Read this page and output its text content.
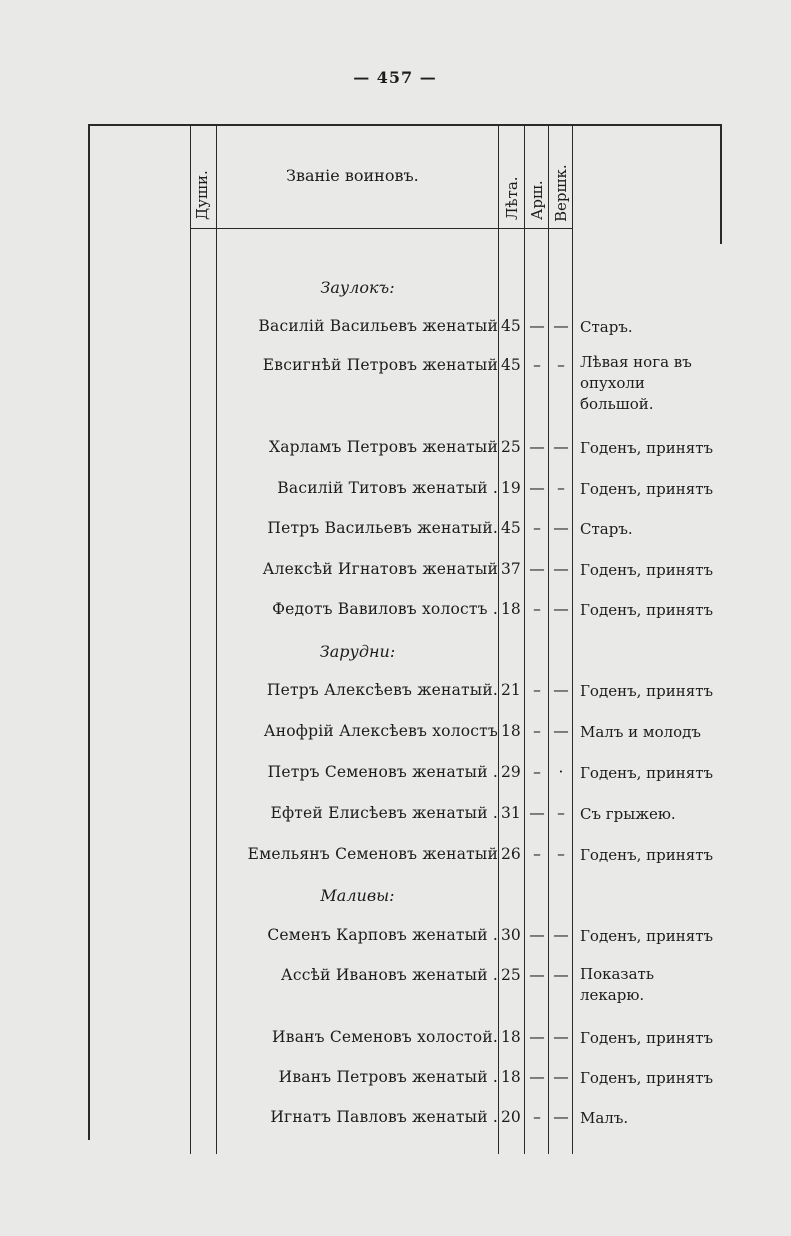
— 457 —
Души.	Званіе воиновъ.
Лѣта. Арш. Вершк.
Заулокъ:
Василій Васильевъ женатый 45 — — Старъ.
Евсигнѣй Петровъ женатый 45 –	–	Лѣвая нога въ опухоли большой.
Харламъ Петровъ женатый 25 — — Годенъ, принятъ
Василій Титовъ женатый . 19 — –	Годенъ, принятъ
Петръ Васильевъ женатый. 45 – — Старъ.
Алексѣй Игнатовъ женатый 37 — — Годенъ, принятъ
Федотъ Вавиловъ холостъ . 18 – — Годенъ, принятъ
Зарудни:
Петръ Алексѣевъ женатый. 21 – — Годенъ, принятъ
Анофрій Алексѣевъ холостъ 18 – — Малъ и молодъ
Петръ Семеновъ женатый . 29 –	·	Годенъ, принятъ
Ефтей Елисѣевъ женатый . 31 — –	Съ грыжею.
Емельянъ Семеновъ женатый 26 –	–	Годенъ, принятъ
Маливы:
Семенъ Карповъ женатый . 30 — — Годенъ, принятъ
Ассѣй Ивановъ женатый . 25 — — Показать лекарю.
Иванъ Семеновъ холостой. 18 — — Годенъ, принятъ
Иванъ Петровъ женатый . 18 — — Годенъ, принятъ
Игнатъ Павловъ женатый . 20 – — Малъ.
